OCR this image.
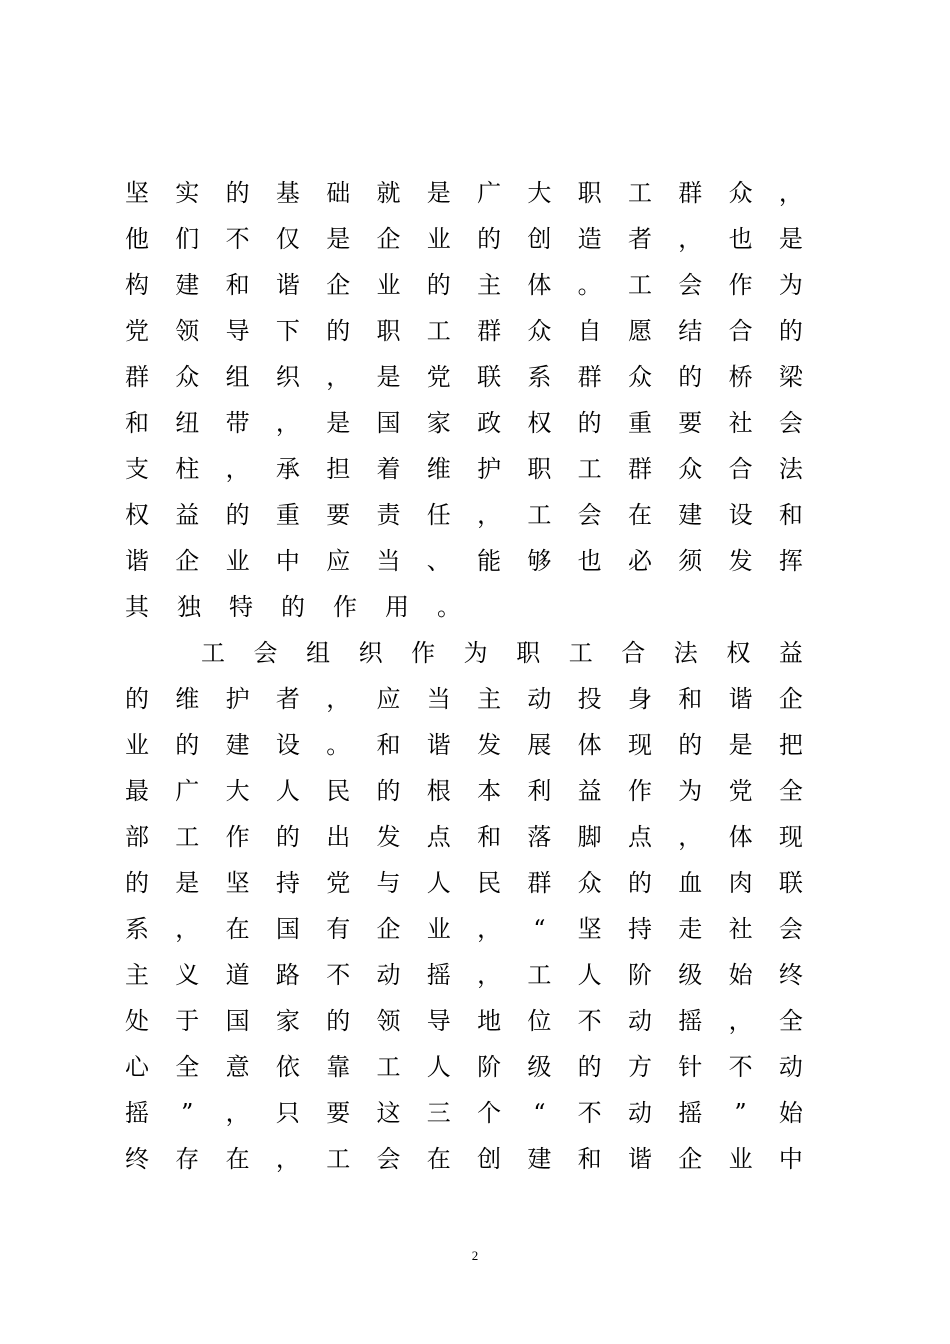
坚 实 的 基 础 就 是 广 大 职 工 群 众 ，
他 们 不 仅 是 企 业 的 创 造 者 ， 也 是
构 建 和 谐 企 业 的 主 体 。 工 会 作 为
党 领 导 下 的 职 工 群 众 自 愿 结 合 的
群 众 组 织 ， 是 党 联 系 群 众 的 桥 梁
和 纽 带 ， 是 国 家 政 权 的 重 要 社 会
支 柱 ， 承 担 着 维 护 职 工 群 众 合 法
权 益 的 重 要 责 任 ， 工 会 在 建 设 和
谐 企 业 中 应 当 、 能 够 也 必 须 发 挥
其 独 特 的 作 用 。
工 会 组 织 作 为 职 工 合 法 权 益
的 维 护 者 ， 应 当 主 动 投 身 和 谐 企
业 的 建 设 。 和 谐 发 展 体 现 的 是 把
最 广 大 人 民 的 根 本 利 益 作 为 党 全
部 工 作 的 出 发 点 和 落 脚 点 ， 体 现
的 是 坚 持 党 与 人 民 群 众 的 血 肉 联
系 ， 在 国 有 企 业 ， “ 坚 持 走 社 会
主 义 道 路 不 动 摇 ， 工 人 阶 级 始 终
处 于 国 家 的 领 导 地 位 不 动 摇 ， 全
心 全 意 依 靠 工 人 阶 级 的 方 针 不 动
摇 ” ， 只 要 这 三 个 “ 不 动 摇 ” 始
终 存 在 ， 工 会 在 创 建 和 谐 企 业 中
2
